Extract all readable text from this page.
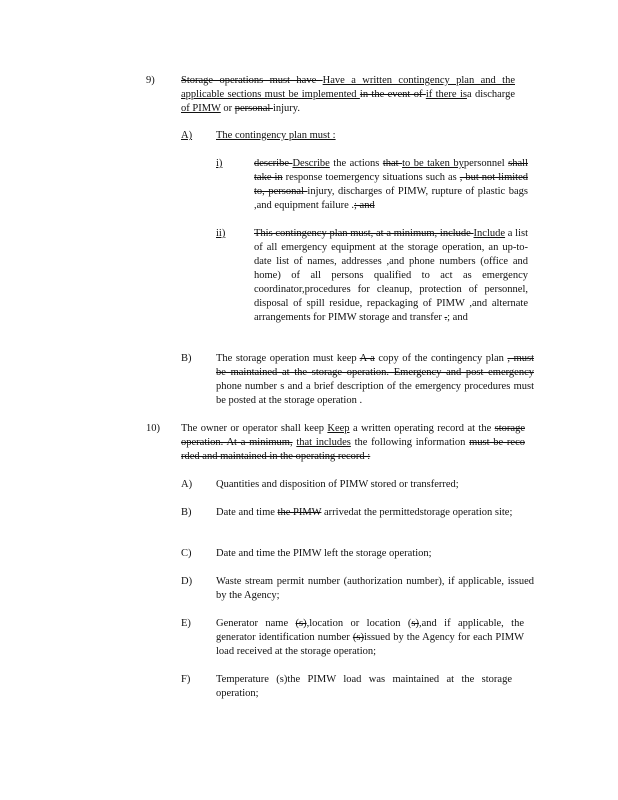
9)	Storage operations must have Have a written contingency plan and the applicable sections must be implemented in the event of if there isa discharge of PIMW or personal injury.
A) The contingency plan must :
i)	describe Describe the actions that to be taken bypersonnel shall take in response toemergency situations such as , but not limited to, personal injury, discharges of PIMW, rupture of plastic bags ,and equipment failure .; and
ii)	This contingency plan must, at a minimum, include Include a list of all emergency equipment at the storage operation, an up-to-date list of names, addresses ,and phone numbers (office and home) of all persons qualified to act as emergency coordinator,procedures for cleanup, protection of personnel, disposal of spill residue, repackaging of PIMW ,and alternate arrangements for PIMW storage and transfer .; and
B) The storage operation must keep A a copy of the contingency plan , must be maintained at the storage operation. Emergency and post emergency phone number s and a brief description of the emergency procedures must be posted at the storage operation .
10) The owner or operator shall keep Keep a written operating record at the storage operation. At a minimum, that includes the following information must be reco rded and maintained in the operating record :
A) Quantities and disposition of PIMW stored or transferred;
B) Date and time the PIMW arrivedat the permittedstorage operation site;
C) Date and time the PIMW left the storage operation;
D) Waste stream permit number (authorization number), if applicable, issued by the Agency;
E) Generator name (s),location or location (s),and if applicable, the generator identification number (s)issued by the Agency for each PIMW load received at the storage operation;
F) Temperature (s)the PIMW load was maintained at the storage operation;
